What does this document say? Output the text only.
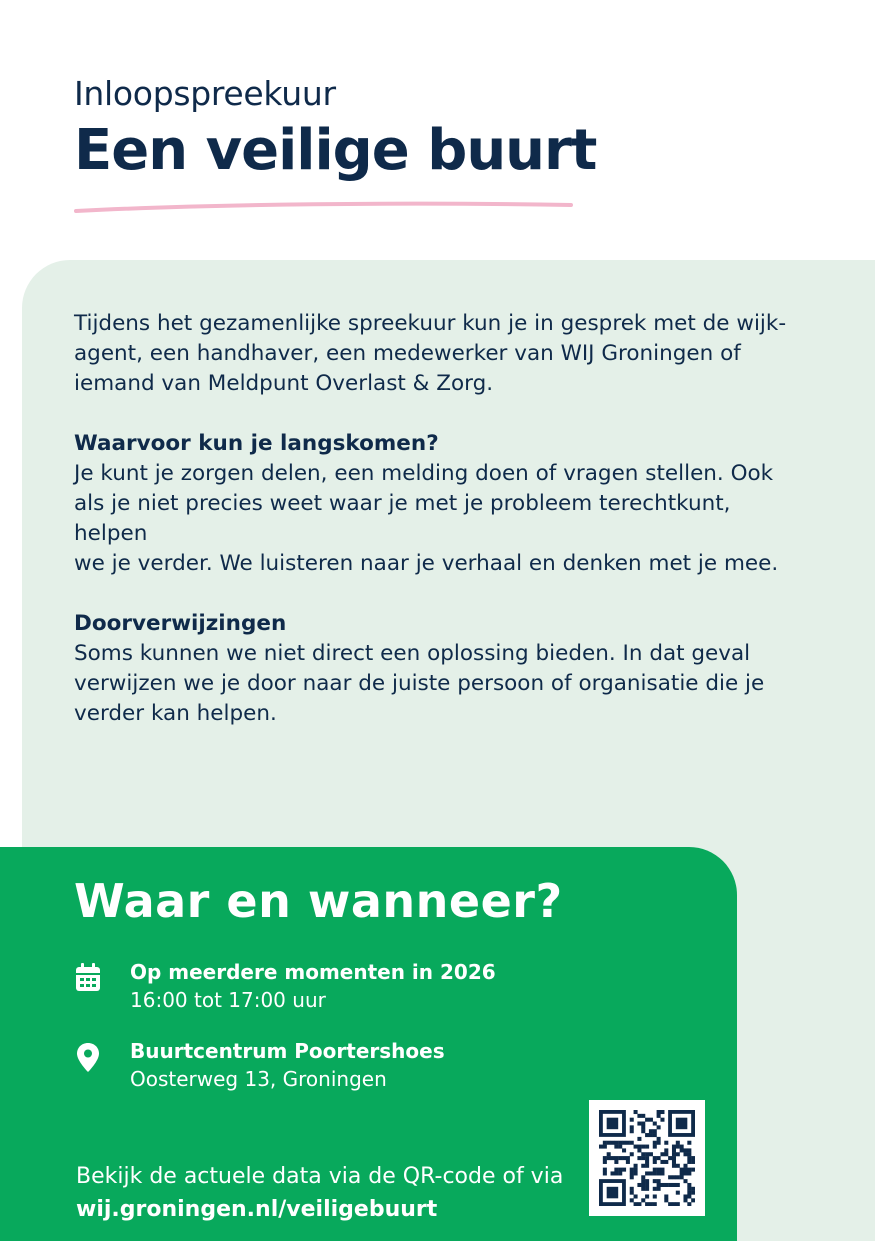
Inloopspreekuur

Een veilige buurt

Tijdens het gezamenlijke spreekuur kun je in gesprek met de wijk-

agent, een handhaver, een medewerker van WIJ Groningen of

iemand van Meldpunt Overlast & Zorg.

Waarvoor kun je langskomen?

Je kunt je zorgen delen, een melding doen of vragen stellen. Ook

als je niet precies weet waar je met je probleem terechtkunt, helpen

we je verder. We luisteren naar je verhaal en denken met je mee.

Doorverwijzingen

Soms kunnen we niet direct een oplossing bieden. In dat geval

verwijzen we je door naar de juiste persoon of organisatie die je

verder kan helpen.

Waar en wanneer?
Op meerdere momenten in 2026
16:00 tot 17:00 uur
Buurtcentrum Poortershoes
Oosterweg 13, Groningen
Bekijk de actuele data via de QR-code of via
wij.groningen.nl/veiligebuurt
